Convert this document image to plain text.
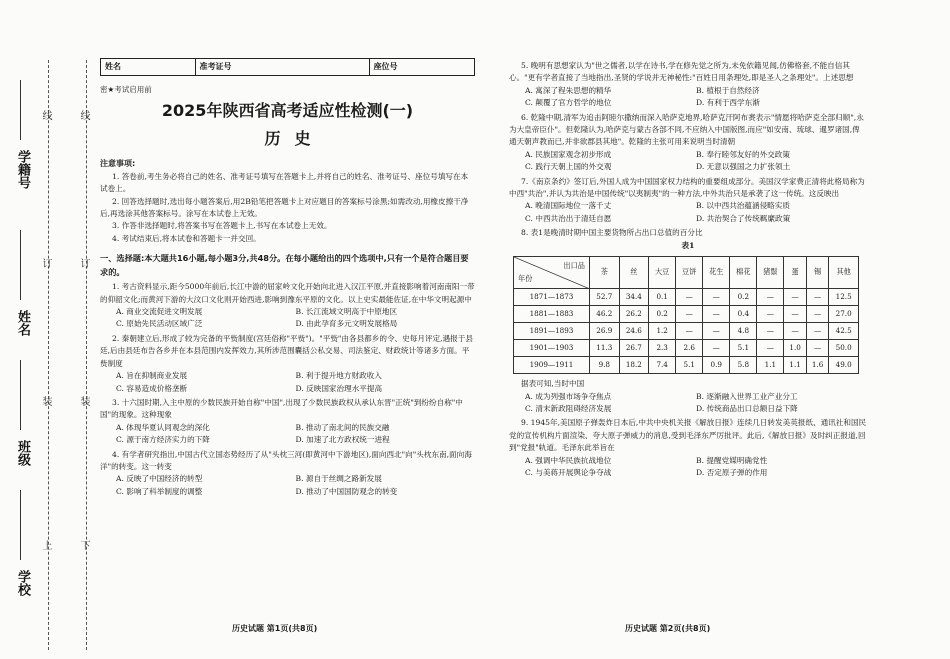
线	线
订	订
装	装
上	下
学籍号
姓名
班级
学校
姓名	准考证号	座位号
密★考试启用前
2025年陕西省高考适应性检测(一)
历史
注意事项:
1. 答卷前,考生务必将自己的姓名、准考证号填写在答题卡上,并将自己的姓名、准考证号、座位号填写在本试卷上。
2. 回答选择题时,选出每小题答案后,用2B铅笔把答题卡上对应题目的答案标号涂黑;如需改动,用橡皮擦干净后,再选涂其他答案标号。涂写在本试卷上无效。
3. 作答非选择题时,将答案书写在答题卡上,书写在本试卷上无效。
4. 考试结束后,将本试卷和答题卡一并交回。
一、选择题:本大题共16小题,每小题3分,共48分。在每小题给出的四个选项中,只有一个是符合题目要求的。
1. 考古资料显示,距今5000年前后,长江中游的屈家岭文化开始向北进入汉江平原,并直接影响着河南南阳一带的仰韶文化;而黄河下游的大汶口文化则开始西进,影响到豫东平原的文化。以上史实最能佐证,在中华文明起源中
A. 商业交流促进文明发展	B. 长江流域文明高于中原地区
C. 原始先民活动区域广泛	D. 由此孕育多元文明发展格局
2. 秦朝建立后,形成了较为完备的平赀制度(宫廷俗称"平赀")。"平赀"由各县都乡的令、史每月评定,遇报于县廷,后由县廷布告各乡并在本县范围内发挥效力,其所涉范围囊括公私交易、司法鉴定、财政统计等诸多方面。平赀制度
A. 旨在抑制商业发展	B. 利于提升地方财政收入
C. 容易造成价格垄断	D. 反映国家治理水平提高
3. 十六国时期,入主中原的少数民族开始自称"中国",出现了少数民族政权从承认东晋"正统"到纷纷自称"中国"的现象。这种现象
A. 体现华夏认同观念的深化	B. 推动了南北间的民族交融
C. 源于南方经济实力的下降	D. 加速了北方政权统一进程
4. 有学者研究指出,中国古代立国态势经历了从"头枕三河(即黄河中下游地区),面向西北"向"头枕东南,面向海洋"的转变。这一转变
A. 反映了中国经济的转型	B. 源自于丝绸之路新发展
C. 影响了科举制度的调整	D. 推动了中国国防观念的转变
历史试题 第1页(共8页)
5. 晚明有思想家认为"世之儒者,以学在诗书,学在修先觉之所为,未免依籍见闻,仿佛格套,不能自信其心。"更有学者直接了当地指出,圣贤的学说并无神秘性:"百姓日用条理处,即是圣人之条理处"。上述思想
A. 寓深了程朱思想的精华	B. 植根于自然经济
C. 颠覆了官方哲学的地位	D. 有利于西学东渐
6. 乾隆中期,清军为追击阿睦尔撒纳而深入哈萨克地界,哈萨克汗阿布赉表示"情愿将哈萨克全部归顺",永为大皇帝臣仆"。但乾隆认为,哈萨克与蒙古各部不同,不应纳入中国版图,而应"如安南、琉球、暹罗诸国,俾通天朝声教而已,并非欲郡县其地"。乾隆的主张可用来说明当时清朝
A. 民族国家观念初步形成	B. 奉行睦邻友好的外交政策
C. 践行天朝上国的外交观	D. 无意以强国之力扩张领土
7.《南京条约》签订后,外国人成为中国国家权力结构的重要组成部分。美国汉学家费正清将此格局称为中西"共治",并认为共治是中国传统"以夷制夷"的一种方法,中外共治只是承袭了这一传统。这反映出
A. 晚清国际地位一落千丈	B. 以中西共治蕴涵侵略实质
C. 中西共治出于清廷自愿	D. 共治契合了传统羁縻政策
8. 表1是晚清时期中国主要货物所占出口总值的百分比
表1
出口品
年份	茶	丝	大豆	豆饼	花生	棉花	猪鬃	蛋	锡	其他
1871—1873	52.7	34.4	0.1	—	—	0.2	—	—	—	12.5
1881—1883	46.2	26.2	0.2	—	—	0.4	—	—	—	27.0
1891—1893	26.9	24.6	1.2	—	—	4.8	—	—	—	42.5
1901—1903	11.3	26.7	2.3	2.6	—	5.1	—	1.0	—	50.0
1909—1911	9.8	18.2	7.4	5.1	0.9	5.8	1.1	1.1	1.6	49.0
据表可知,当时中国
A. 成为列强市场争夺焦点	B. 逐渐融入世界工业产业分工
C. 清末新政阻碍经济发展	D. 传统商品出口总额日益下降
9. 1945年,美国原子弹轰炸日本后,中共中央机关报《解放日报》连续几日转发美英报纸、通讯社和国民党的宣传机构片面渲染、夸大原子弹威力的消息,受到毛泽东严厉批评。此后,《解放日报》及时纠正报道,回到"党报"轨道。毛泽东此举旨在
A. 强调中华民族抗战地位	B. 提醒党媒明确党性
C. 与美蒋开展舆论争夺战	D. 否定原子弹的作用
历史试题 第2页(共8页)
